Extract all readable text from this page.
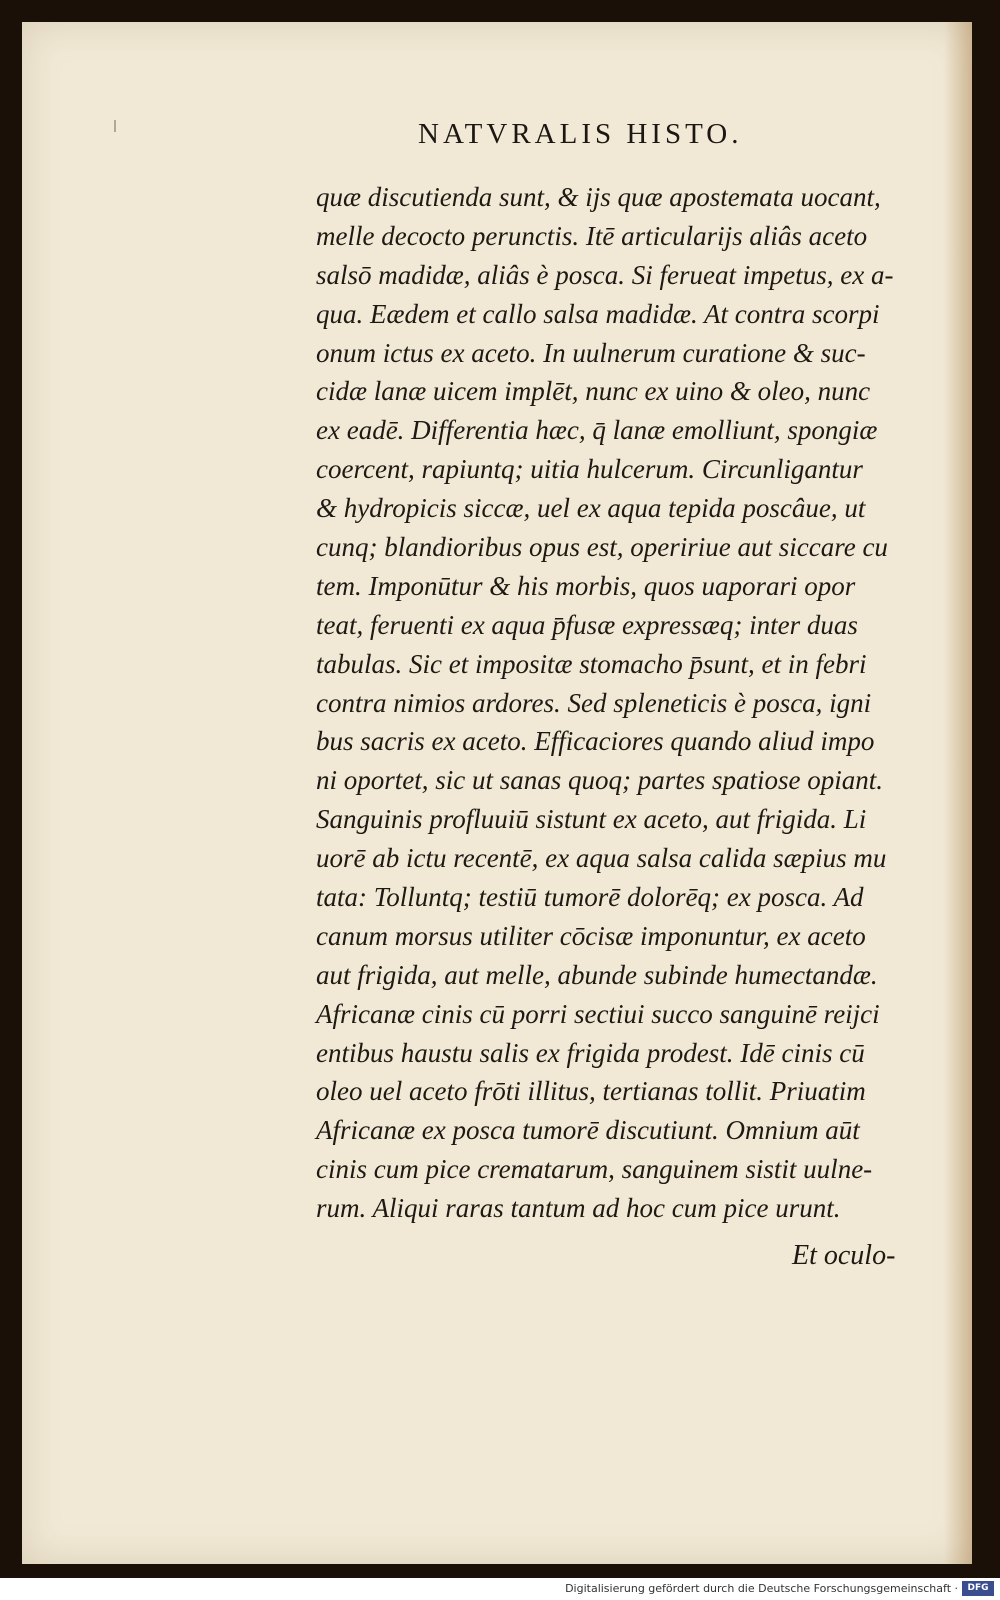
NATVRALIS HISTO.
quæ discutienda sunt, & ijs quæ apostemata uocant,
melle decocto perunctis. Itē articularijs aliâs aceto
salsō madidæ, aliâs è posca. Si ferueat impetus, ex a-
qua. Eædem et callo salsa madidæ. At contra scorpi
onum ictus ex aceto. In uulnerum curatione & suc-
cidæ lanæ uicem implēt, nunc ex uino & oleo, nunc
ex eadē. Differentia hæc, q̄ lanæ emolliunt, spongiæ
coercent, rapiuntq; uitia hulcerum. Circunligantur
& hydropicis siccæ, uel ex aqua tepida poscâue, ut
cunq; blandioribus opus est, opeririue aut siccare cu
tem. Imponūtur & his morbis, quos uaporari opor
teat, feruenti ex aqua p̄fusæ expressæq; inter duas
tabulas. Sic et impositæ stomacho p̄sunt, et in febri
contra nimios ardores. Sed spleneticis è posca, igni
bus sacris ex aceto. Efficaciores quando aliud impo
ni oportet, sic ut sanas quoq; partes spatiose opiant.
Sanguinis profluuiū sistunt ex aceto, aut frigida. Li
uorē ab ictu recentē, ex aqua salsa calida sæpius mu
tata: Tolluntq; testiū tumorē dolorēq; ex posca. Ad
canum morsus utiliter cōcisæ imponuntur, ex aceto
aut frigida, aut melle, abunde subinde humectandæ.
Africanæ cinis cū porri sectiui succo sanguinē reijci
entibus haustu salis ex frigida prodest. Idē cinis cū
oleo uel aceto frōti illitus, tertianas tollit. Priuatim
Africanæ ex posca tumorē discutiunt. Omnium aūt
cinis cum pice crematarum, sanguinem sistit uulne-
rum. Aliqui raras tantum ad hoc cum pice urunt.
Et oculo-
Digitalisierung gefördert durch die Deutsche Forschungsgemeinschaft ·	DFG
